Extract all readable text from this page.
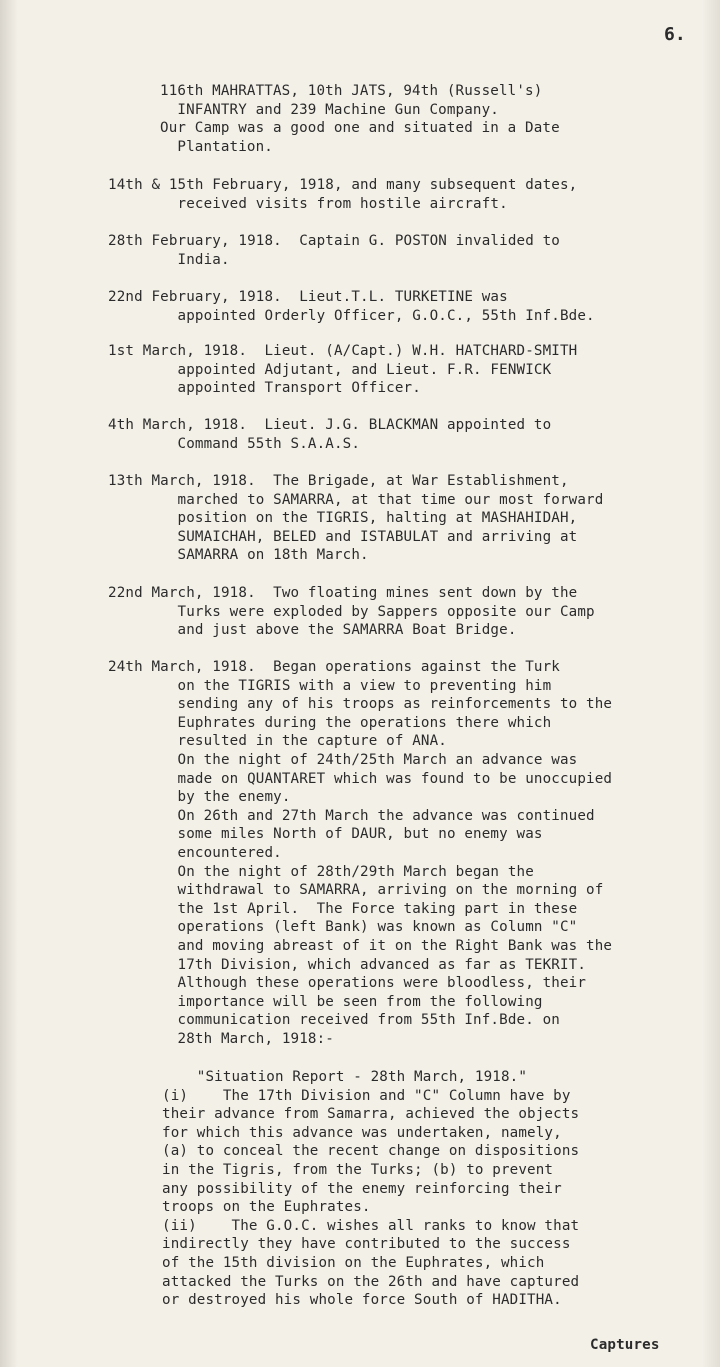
6.
116th MAHRATTAS, 10th JATS, 94th (Russell's)
INFANTRY and 239 Machine Gun Company.
Our Camp was a good one and situated in a Date
Plantation.
14th & 15th February, 1918, and many subsequent dates,
received visits from hostile aircraft.
28th February, 1918.  Captain G. POSTON invalided to
India.
22nd February, 1918.  Lieut.T.L. TURKETINE was
appointed Orderly Officer, G.O.C., 55th Inf.Bde.
1st March, 1918.  Lieut. (A/Capt.) W.H. HATCHARD-SMITH
appointed Adjutant, and Lieut. F.R. FENWICK
appointed Transport Officer.
4th March, 1918.  Lieut. J.G. BLACKMAN appointed to
Command 55th S.A.A.S.
13th March, 1918.  The Brigade, at War Establishment,
marched to SAMARRA, at that time our most forward
position on the TIGRIS, halting at MASHAHIDAH,
SUMAICHAH, BELED and ISTABULAT and arriving at
SAMARRA on 18th March.
22nd March, 1918.  Two floating mines sent down by the
Turks were exploded by Sappers opposite our Camp
and just above the SAMARRA Boat Bridge.
24th March, 1918.  Began operations against the Turk
on the TIGRIS with a view to preventing him
sending any of his troops as reinforcements to the
Euphrates during the operations there which
resulted in the capture of ANA.
On the night of 24th/25th March an advance was
made on QUANTARET which was found to be unoccupied
by the enemy.
On 26th and 27th March the advance was continued
some miles North of DAUR, but no enemy was
encountered.
On the night of 28th/29th March began the
withdrawal to SAMARRA, arriving on the morning of
the 1st April.  The Force taking part in these
operations (left Bank) was known as Column "C"
and moving abreast of it on the Right Bank was the
17th Division, which advanced as far as TEKRIT.
Although these operations were bloodless, their
importance will be seen from the following
communication received from 55th Inf.Bde. on
28th March, 1918:-
"Situation Report - 28th March, 1918."
(i)    The 17th Division and "C" Column have by
their advance from Samarra, achieved the objects
for which this advance was undertaken, namely,
(a) to conceal the recent change on dispositions
in the Tigris, from the Turks; (b) to prevent
any possibility of the enemy reinforcing their
troops on the Euphrates.
(ii)    The G.O.C. wishes all ranks to know that
indirectly they have contributed to the success
of the 15th division on the Euphrates, which
attacked the Turks on the 26th and have captured
or destroyed his whole force South of HADITHA.
Captures
